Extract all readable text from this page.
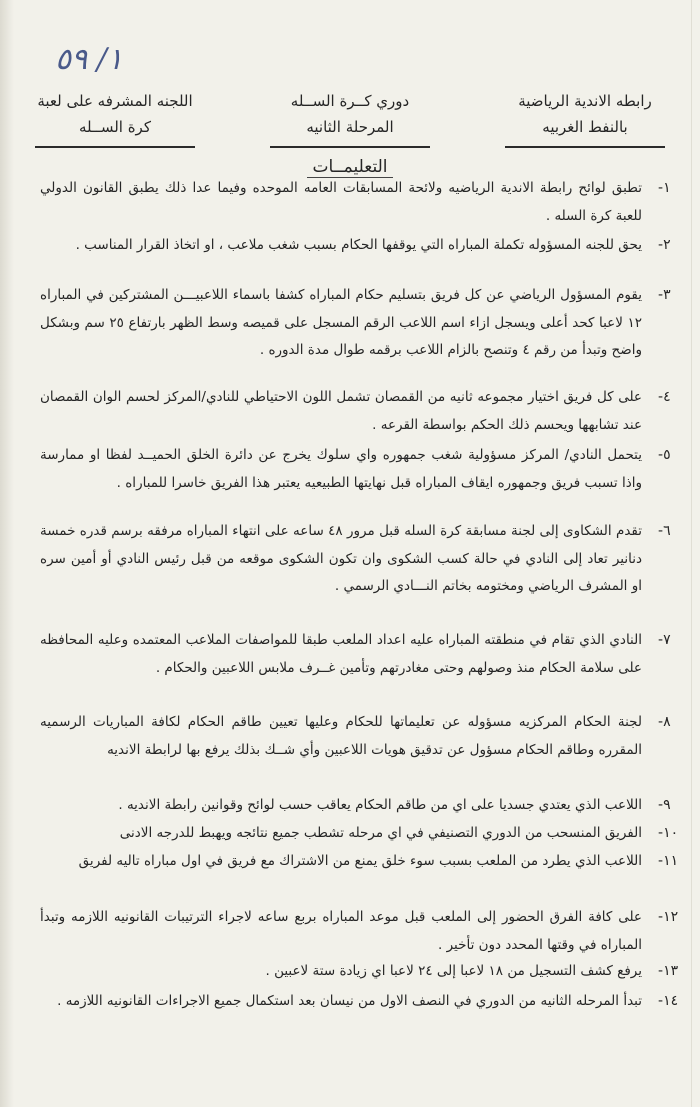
١/ ٥٩
رابطه الاندية الرياضية
بالنفط الغربيه
دوري كــرة الســله
المرحلة الثانيه
اللجنه المشرفه على لعبة
كرة الســله
التعليمــات
١-
تطبق لوائح رابطة الاندية الرياضيه ولائحة المسابقات العامه الموحده وفيما عدا ذلك يطبق القانون الدولي للعبة كرة السله .
٢-
يحق للجنه المسؤوله تكملة المباراه التي يوقفها الحكام بسبب شغب ملاعب ، او اتخاذ القرار المناسب .
٣-
يقوم المسؤول الرياضي عن كل فريق بتسليم حكام المباراه كشفا باسماء اللاعبيـــن المشتركين في المباراه ١٢ لاعبا كحد أعلى ويسجل ازاء اسم اللاعب الرقم المسجل على قميصه وسط الظهر بارتفاع ٢٥ سم وبشكل واضح وتبدأ من رقم ٤ وتنصح بالزام اللاعب برقمه طوال مدة الدوره .
٤-
على كل فريق اختيار مجموعه ثانيه من القمصان تشمل اللون الاحتياطي للنادي/المركز لحسم الوان القمصان عند تشابهها ويحسم ذلك الحكم بواسطة القرعه .
٥-
يتحمل النادي/ المركز مسؤولية شغب جمهوره واي سلوك يخرج عن دائرة الخلق الحميــد لفظا او ممارسة واذا تسبب فريق وجمهوره ايقاف المباراه قبل نهايتها الطبيعيه يعتبر هذا الفريق خاسرا للمباراه .
٦-
تقدم الشكاوى إلى لجنة مسابقة كرة السله قبل مرور ٤٨ ساعه على انتهاء المباراه مرفقه برسم قدره خمسة دنانير تعاد إلى النادي في حالة كسب الشكوى وان تكون الشكوى موقعه من قبل رئيس النادي أو أمين سره او المشرف الرياضي ومختومه بخاتم النـــادي الرسمي .
٧-
النادي الذي تقام في منطقته المباراه عليه اعداد الملعب طبقا للمواصفات الملاعب المعتمده وعليه المحافظه على سلامة الحكام منذ وصولهم وحتى مغادرتهم وتأمين غــرف ملابس اللاعبين والحكام .
٨-
لجنة الحكام المركزيه مسؤوله عن تعليماتها للحكام وعليها تعيين طاقم الحكام لكافة المباريات الرسميه المقرره وطاقم الحكام مسؤول عن تدقيق هويات اللاعبين وأي شــك بذلك يرفع بها لرابطة الانديه
٩-
اللاعب الذي يعتدي جسديا على اي من طاقم الحكام يعاقب حسب لوائح وقوانين رابطة الانديه .
١٠-
الفريق المنسحب من الدوري التصنيفي في اي مرحله تشطب جميع نتائجه ويهبط للدرجه الادنى
١١-
اللاعب الذي يطرد من الملعب بسبب سوء خلق يمنع من الاشتراك مع فريق في اول مباراه تاليه لفريق
١٢-
على كافة الفرق الحضور إلى الملعب قبل موعد المباراه بربع ساعه لاجراء الترتيبات القانونيه اللازمه وتبدأ المباراه في وقتها المحدد دون تأخير .
١٣-
يرفع كشف التسجيل من ١٨ لاعبا إلى ٢٤ لاعبا اي زيادة ستة لاعبين .
١٤-
تبدأ المرحله الثانيه من الدوري في النصف الاول من نيسان بعد استكمال جميع الاجراءات القانونيه اللازمه .
